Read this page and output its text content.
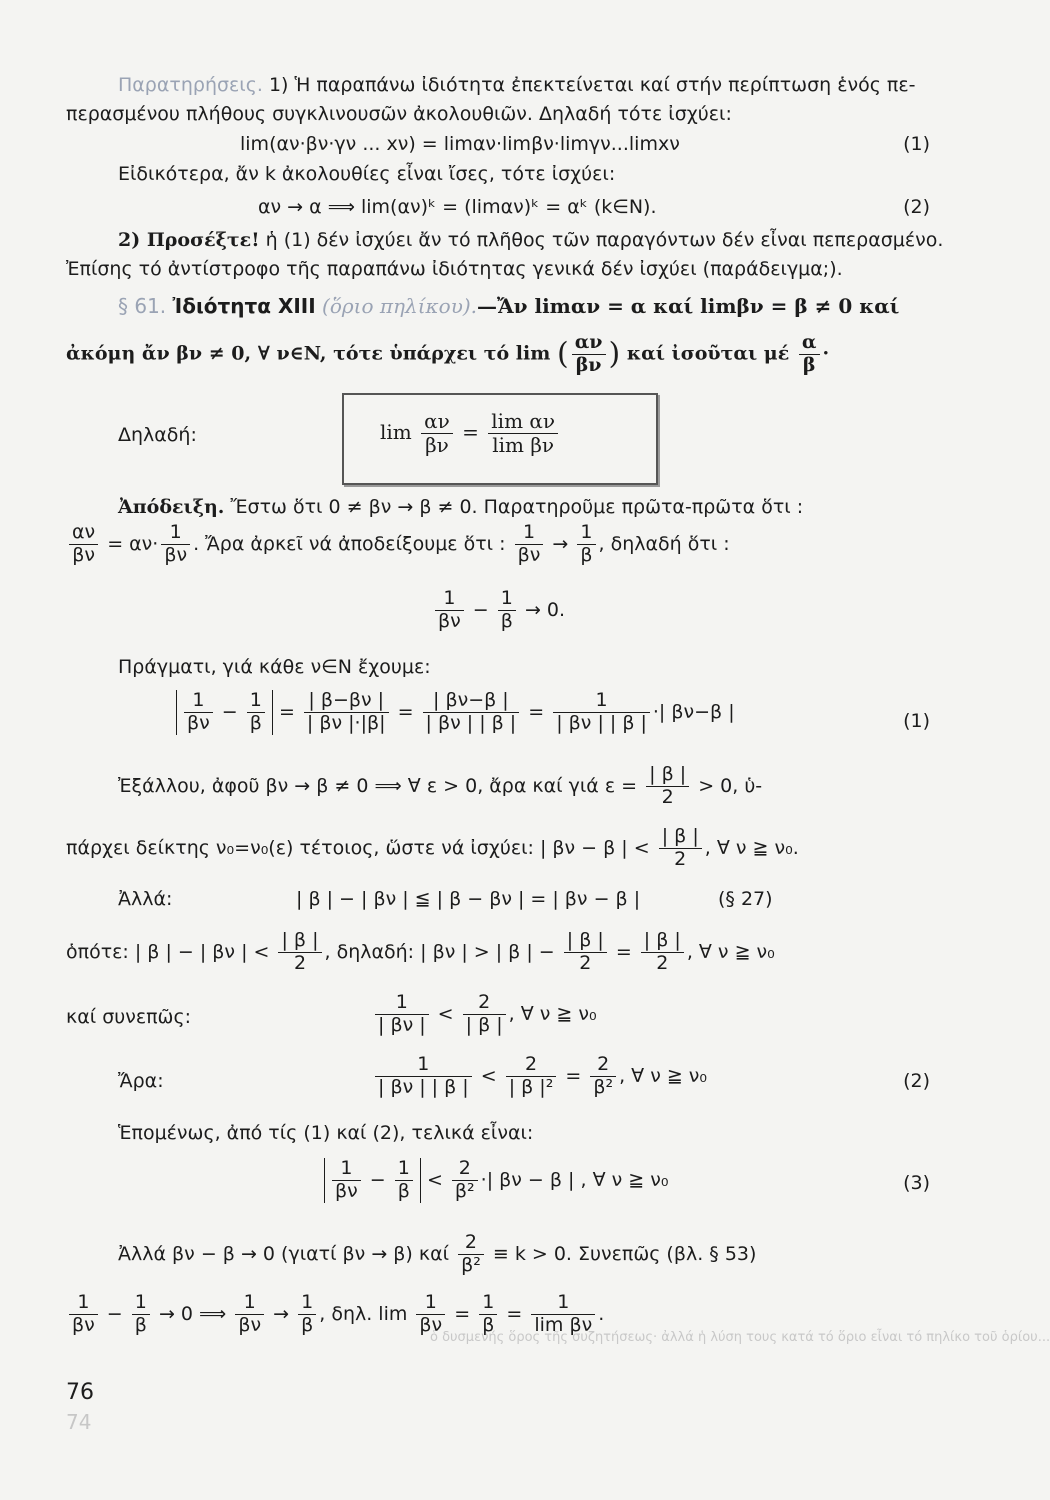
Παρατηρήσεις. 1) Ἡ παραπάνω ἰδιότητα ἐπεκτείνεται καί στήν περίπτωση ἑνός πε-
περασμένου πλήθους συγκλινουσῶν ἀκολουθιῶν. Δηλαδή τότε ἰσχύει:
lim(αν·βν·γν ... xν) = limαν·limβν·limγν...limxν	(1)
Εἰδικότερα, ἄν k ἀκολουθίες εἶναι ἴσες, τότε ἰσχύει:
αν → α ⟹ lim(αν)ᵏ = (limαν)ᵏ = αᵏ (k∈N).	(2)
2) Προσέξτε! ἡ (1) δέν ἰσχύει ἄν τό πλῆθος τῶν παραγόντων δέν εἶναι πεπερασμένο.
Ἐπίσης τό ἀντίστροφο τῆς παραπάνω ἰδιότητας γενικά δέν ἰσχύει (παράδειγμα;).
§ 61. Ἰδιότητα XIII (ὅριο πηλίκου).—Ἄν limαν = α καί limβν = β ≠ 0 καί
ἀκόμη ἄν βν ≠ 0, ∀ ν∈N, τότε ὑπάρχει τό lim ( $\frac{\alpha\nu}{\beta\nu}$ ) καί ἰσοῦται μέ $\frac{\alpha}{\beta}$ ·
Δηλαδή:	$\lim \frac{\alpha\nu}{\beta\nu} = \frac{\text{lim αν}}{\text{lim βν}}$
Ἀπόδειξη. Ἔστω ὅτι 0 ≠ βν → β ≠ 0. Παρατηροῦμε πρῶτα-πρῶτα ὅτι :
$\frac{\alpha\nu}{\beta\nu} = \alpha\nu\cdot \frac{1}{\beta\nu}$ . Ἄρα ἀρκεῖ νά ἀποδείξουμε ὅτι : $\frac{1}{\beta\nu} \to \frac{1}{\beta}$ , δηλαδή ὅτι :
$\frac{1}{\beta\nu} - \frac{1}{\beta} \to 0$.
Πράγματι, γιά κάθε ν∈N ἔχουμε:
$\frac{1}{\beta\nu} - \frac{1}{\beta} = \frac{| \beta-\beta\nu |}{| \beta\nu |\cdot|\beta|} = \frac{| \beta\nu-\beta |}{| \beta\nu | | \beta |} = \frac{1}{| \beta\nu | | \beta |}$ ·| βν−β |	(1)
Ἐξάλλου, ἀφοῦ βν → β ≠ 0 ⟹ ∀ ε > 0, ἄρα καί γιά $\varepsilon = \frac{| \beta |}{2} > 0$, ὑ-
πάρχει δείκτης ν₀=ν₀(ε) τέτοιος, ὥστε νά ἰσχύει: | βν − β | < $\frac{| \beta |}{2}$ , ∀ ν ≧ ν₀.
Ἀλλά:	| β | − | βν | ≦ | β − βν | = | βν − β |	(§ 27)
ὁπότε: | β | − | βν | < $\frac{| \beta |}{2}$ , δηλαδή: | βν | > | β | − $\frac{| \beta |}{2} = \frac{| \beta |}{2}$ , ∀ ν ≧ ν₀
καί συνεπῶς:	$\frac{1}{| \beta\nu |} < \frac{2}{| \beta |}$ , ∀ ν ≧ ν₀
Ἄρα:	$\frac{1}{| \beta\nu | | \beta |} < \frac{2}{\text{| β |²}} = \frac{2}{\text{β²}}$ , ∀ ν ≧ ν₀	(2)
Ἑπομένως, ἀπό τίς (1) καί (2), τελικά εἶναι:
$\frac{1}{\beta\nu} - \frac{1}{\beta} < \frac{2}{\text{β²}}$ ·| βν − β | , ∀ ν ≧ ν₀	(3)
Ἀλλά βν − β → 0 (γιατί βν → β) καί $\frac{2}{\text{β²}} \equiv k > 0$. Συνεπῶς (βλ. § 53)
$\frac{1}{\beta\nu} - \frac{1}{\beta} \to 0$ ⟹ $\frac{1}{\beta\nu} \to \frac{1}{\beta}$ , δηλ. $\lim \frac{1}{\beta\nu} = \frac{1}{\beta} = \frac{1}{\text{lim βν}}$ .
ὁ δυσμενής ὅρος τῆς συζητήσεως· ἀλλά ἡ λύση τους κατά τό ὅριο εἶναι τό πηλίκο τοῦ ὁρίου...
76
74
